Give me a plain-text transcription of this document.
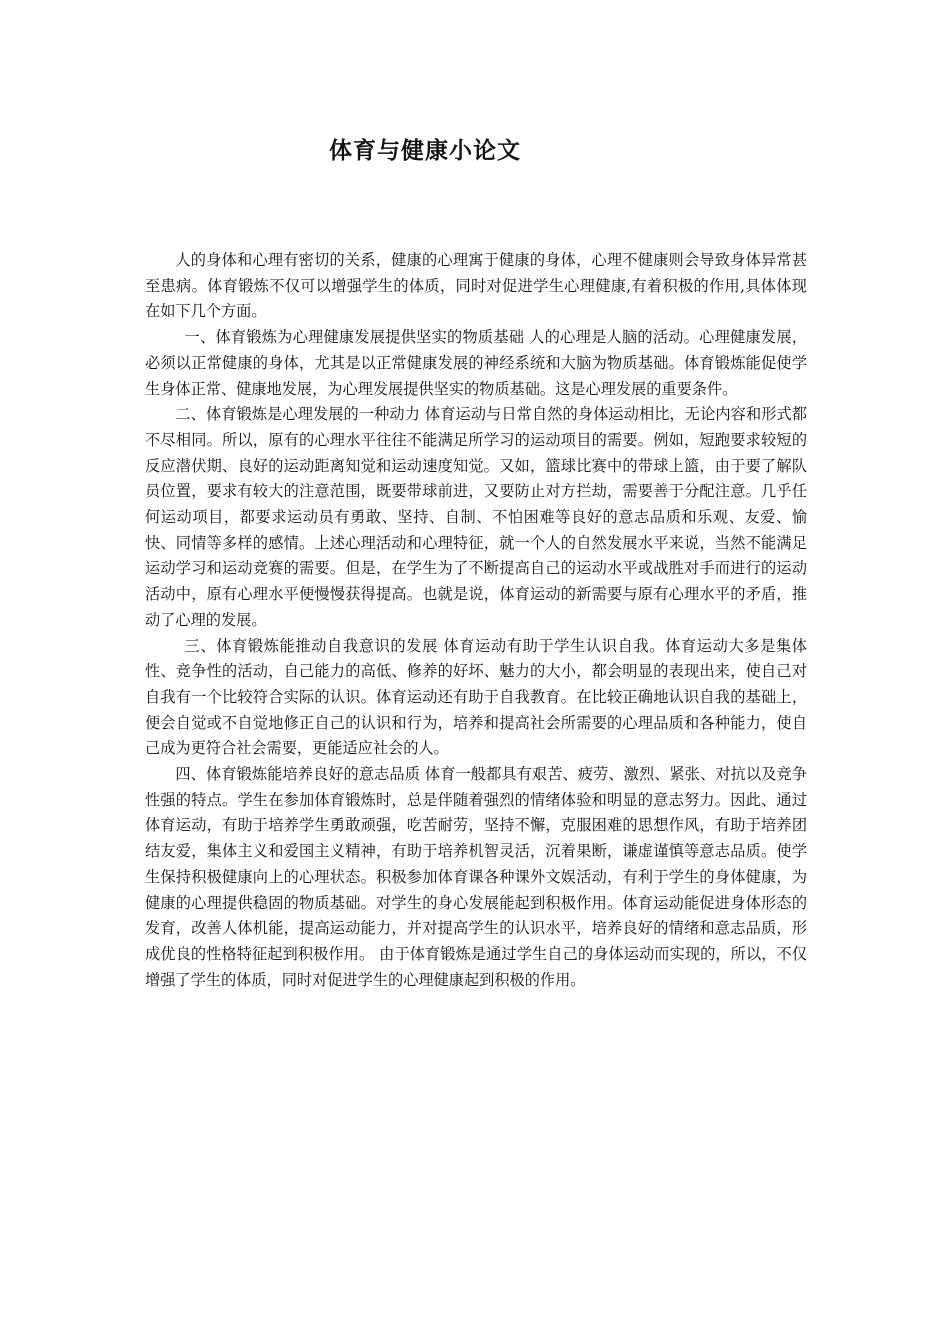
体育与健康小论文

人的身体和心理有密切的关系，健康的心理寓于健康的身体，心理不健康则会导致身体异常甚至患病。体育锻炼不仅可以增强学生的体质，同时对促进学生心理健康,有着积极的作用,具体体现在如下几个方面。

一、体育锻炼为心理健康发展提供坚实的物质基础 人的心理是人脑的活动。心理健康发展，必须以正常健康的身体，尤其是以正常健康发展的神经系统和大脑为物质基础。体育锻炼能促使学生身体正常、健康地发展，为心理发展提供坚实的物质基础。这是心理发展的重要条件。

二、体育锻炼是心理发展的一种动力 体育运动与日常自然的身体运动相比，无论内容和形式都不尽相同。所以，原有的心理水平往往不能满足所学习的运动项目的需要。例如，短跑要求较短的反应潜伏期、良好的运动距离知觉和运动速度知觉。又如，篮球比赛中的带球上篮，由于要了解队员位置，要求有较大的注意范围，既要带球前进，又要防止对方拦劫，需要善于分配注意。几乎任何运动项目，都要求运动员有勇敢、坚持、自制、不怕困难等良好的意志品质和乐观、友爱、愉快、同情等多样的感情。上述心理活动和心理特征，就一个人的自然发展水平来说，当然不能满足运动学习和运动竞赛的需要。但是，在学生为了不断提高自己的运动水平或战胜对手而进行的运动活动中，原有心理水平便慢慢获得提高。也就是说，体育运动的新需要与原有心理水平的矛盾，推动了心理的发展。

三、体育锻炼能推动自我意识的发展 体育运动有助于学生认识自我。体育运动大多是集体性、竞争性的活动，自己能力的高低、修养的好坏、魅力的大小，都会明显的表现出来，使自己对自我有一个比较符合实际的认识。体育运动还有助于自我教育。在比较正确地认识自我的基础上，便会自觉或不自觉地修正自己的认识和行为，培养和提高社会所需要的心理品质和各种能力，使自己成为更符合社会需要，更能适应社会的人。

四、体育锻炼能培养良好的意志品质 体育一般都具有艰苦、疲劳、激烈、紧张、对抗以及竞争性强的特点。学生在参加体育锻炼时，总是伴随着强烈的情绪体验和明显的意志努力。因此、通过体育运动，有助于培养学生勇敢顽强，吃苦耐劳，坚持不懈，克服困难的思想作风，有助于培养团结友爱，集体主义和爱国主义精神，有助于培养机智灵活，沉着果断，谦虚谨慎等意志品质。使学生保持积极健康向上的心理状态。积极参加体育课各种课外文娱活动，有利于学生的身体健康，为健康的心理提供稳固的物质基础。对学生的身心发展能起到积极作用。体育运动能促进身体形态的发育，改善人体机能，提高运动能力，并对提高学生的认识水平，培养良好的情绪和意志品质，形成优良的性格特征起到积极作用。 由于体育锻炼是通过学生自己的身体运动而实现的，所以，不仅增强了学生的体质，同时对促进学生的心理健康起到积极的作用。
